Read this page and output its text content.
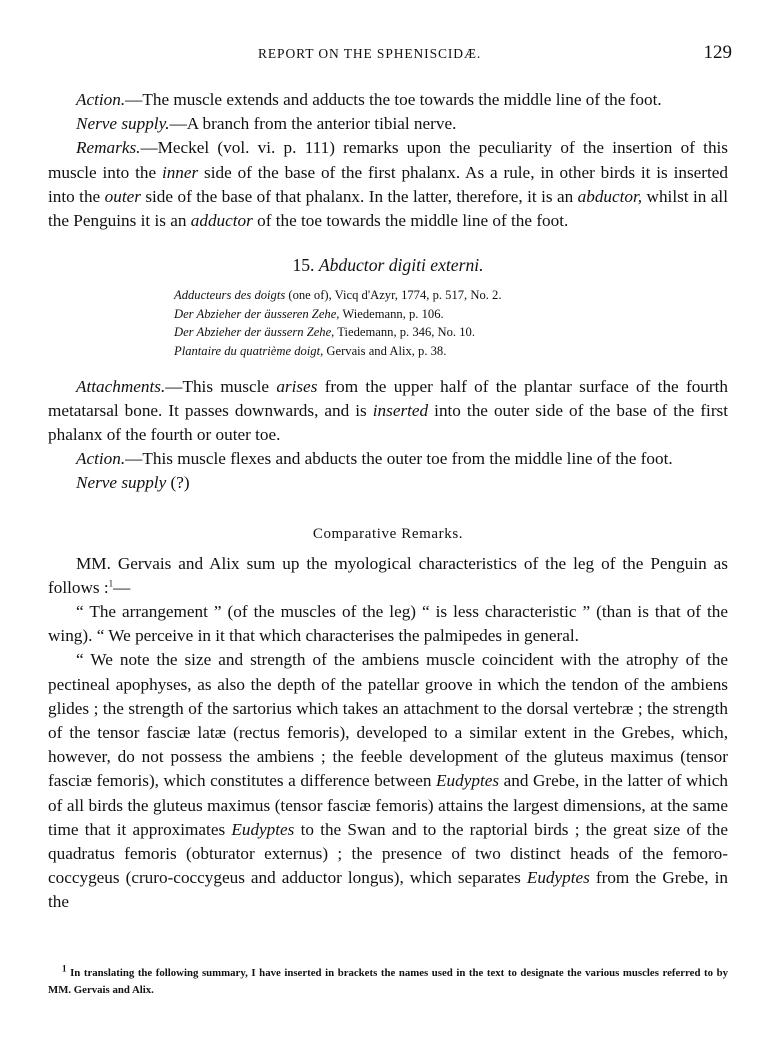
REPORT ON THE SPHENISCIDÆ.	129

Action.—The muscle extends and adducts the toe towards the middle line of the foot.

Nerve supply.—A branch from the anterior tibial nerve.

Remarks.—Meckel (vol. vi. p. 111) remarks upon the peculiarity of the insertion of this muscle into the inner side of the base of the first phalanx. As a rule, in other birds it is inserted into the outer side of the base of that phalanx. In the latter, therefore, it is an abductor, whilst in all the Penguins it is an adductor of the toe towards the middle line of the foot.

15. Abductor digiti externi.
Adducteurs des doigts (one of), Vicq d'Azyr, 1774, p. 517, No. 2.
Der Abzieher der äusseren Zehe, Wiedemann, p. 106.
Der Abzieher der äussern Zehe, Tiedemann, p. 346, No. 10.
Plantaire du quatrième doigt, Gervais and Alix, p. 38.

Attachments.—This muscle arises from the upper half of the plantar surface of the fourth metatarsal bone. It passes downwards, and is inserted into the outer side of the base of the first phalanx of the fourth or outer toe.

Action.—This muscle flexes and abducts the outer toe from the middle line of the foot.

Nerve supply (?)

Comparative Remarks.

MM. Gervais and Alix sum up the myological characteristics of the leg of the Penguin as follows :$^1$—

“ The arrangement ” (of the muscles of the leg) “ is less characteristic ” (than is that of the wing). “ We perceive in it that which characterises the palmipedes in general.

“ We note the size and strength of the ambiens muscle coincident with the atrophy of the pectineal apophyses, as also the depth of the patellar groove in which the tendon of the ambiens glides ; the strength of the sartorius which takes an attachment to the dorsal vertebræ ; the strength of the tensor fasciæ latæ (rectus femoris), developed to a similar extent in the Grebes, which, however, do not possess the ambiens ; the feeble development of the gluteus maximus (tensor fasciæ femoris), which constitutes a difference between Eudyptes and Grebe, in the latter of which of all birds the gluteus maximus (tensor fasciæ femoris) attains the largest dimensions, at the same time that it approximates Eudyptes to the Swan and to the raptorial birds ; the great size of the quadratus femoris (obturator externus) ; the presence of two distinct heads of the femoro-coccygeus (cruro-coccygeus and adductor longus), which separates Eudyptes from the Grebe, in the

$^1$ In translating the following summary, I have inserted in brackets the names used in the text to designate the various muscles referred to by MM. Gervais and Alix.
